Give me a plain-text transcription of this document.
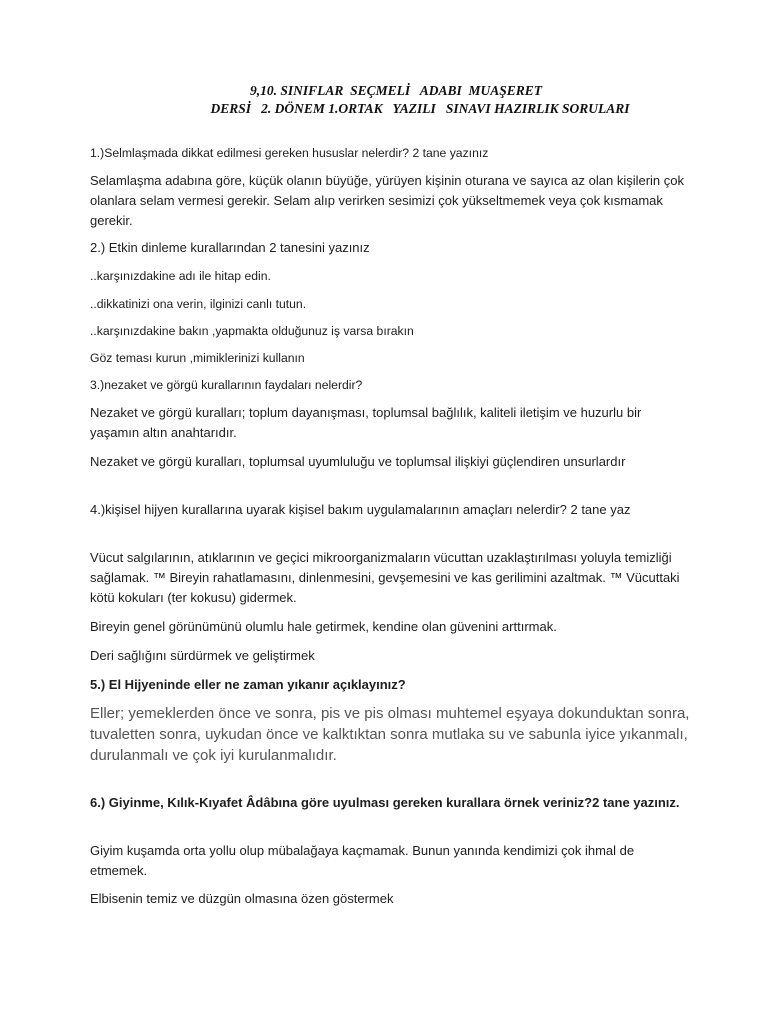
9,10. SINIFLAR  SEÇMELİ   ADABI  MUAŞERET
DERSİ   2. DÖNEM 1.ORTAK   YAZILI   SINAVI HAZIRLIK SORULARI
1.)Selmlaşmada dikkat edilmesi gereken hususlar nelerdir? 2 tane yazınız
Selamlaşma adabına göre, küçük olanın büyüğe, yürüyen kişinin oturana ve sayıca az olan kişilerin çok olanlara selam vermesi gerekir. Selam alıp verirken sesimizi çok yükseltmemek veya çok kısmamak gerekir.
2.) Etkin dinleme kurallarından 2 tanesini yazınız
..karşınızdakine adı ile hitap edin.
..dikkatinizi ona verin, ilginizi canlı tutun.
..karşınızdakine bakın ,yapmakta olduğunuz iş varsa bırakın
Göz teması kurun ,mimiklerinizi kullanın
3.)nezaket ve görgü kurallarının faydaları nelerdir?
Nezaket ve görgü kuralları; toplum dayanışması, toplumsal bağlılık, kaliteli iletişim ve huzurlu bir yaşamın altın anahtarıdır.
Nezaket ve görgü kuralları, toplumsal uyumluluğu ve toplumsal ilişkiyi güçlendiren unsurlardır
4.)kişisel hijyen kurallarına uyarak kişisel bakım uygulamalarının amaçları nelerdir? 2 tane yaz
Vücut salgılarının, atıklarının ve geçici mikroorganizmaların vücuttan uzaklaştırılması yoluyla temizliği sağlamak. ™ Bireyin rahatlamasını, dinlenmesini, gevşemesini ve kas gerilimini azaltmak. ™ Vücuttaki kötü kokuları (ter kokusu) gidermek.
Bireyin genel görünümünü olumlu hale getirmek, kendine olan güvenini arttırmak.
Deri sağlığını sürdürmek ve geliştirmek
5.) El Hijyeninde eller ne zaman yıkanır açıklayınız?
Eller; yemeklerden önce ve sonra, pis ve pis olması muhtemel eşyaya dokunduktan sonra, tuvaletten sonra, uykudan önce ve kalktıktan sonra mutlaka su ve sabunla iyice yıkanmalı, durulanmalı ve çok iyi kurulanmalıdır.
6.) Giyinme, Kılık-Kıyafet Âdâbına göre uyulması gereken kurallara örnek veriniz?2 tane yazınız.
Giyim kuşamda orta yollu olup mübalağaya kaçmamak. Bunun yanında kendimizi çok ihmal de etmemek.
Elbisenin temiz ve düzgün olmasına özen göstermek
